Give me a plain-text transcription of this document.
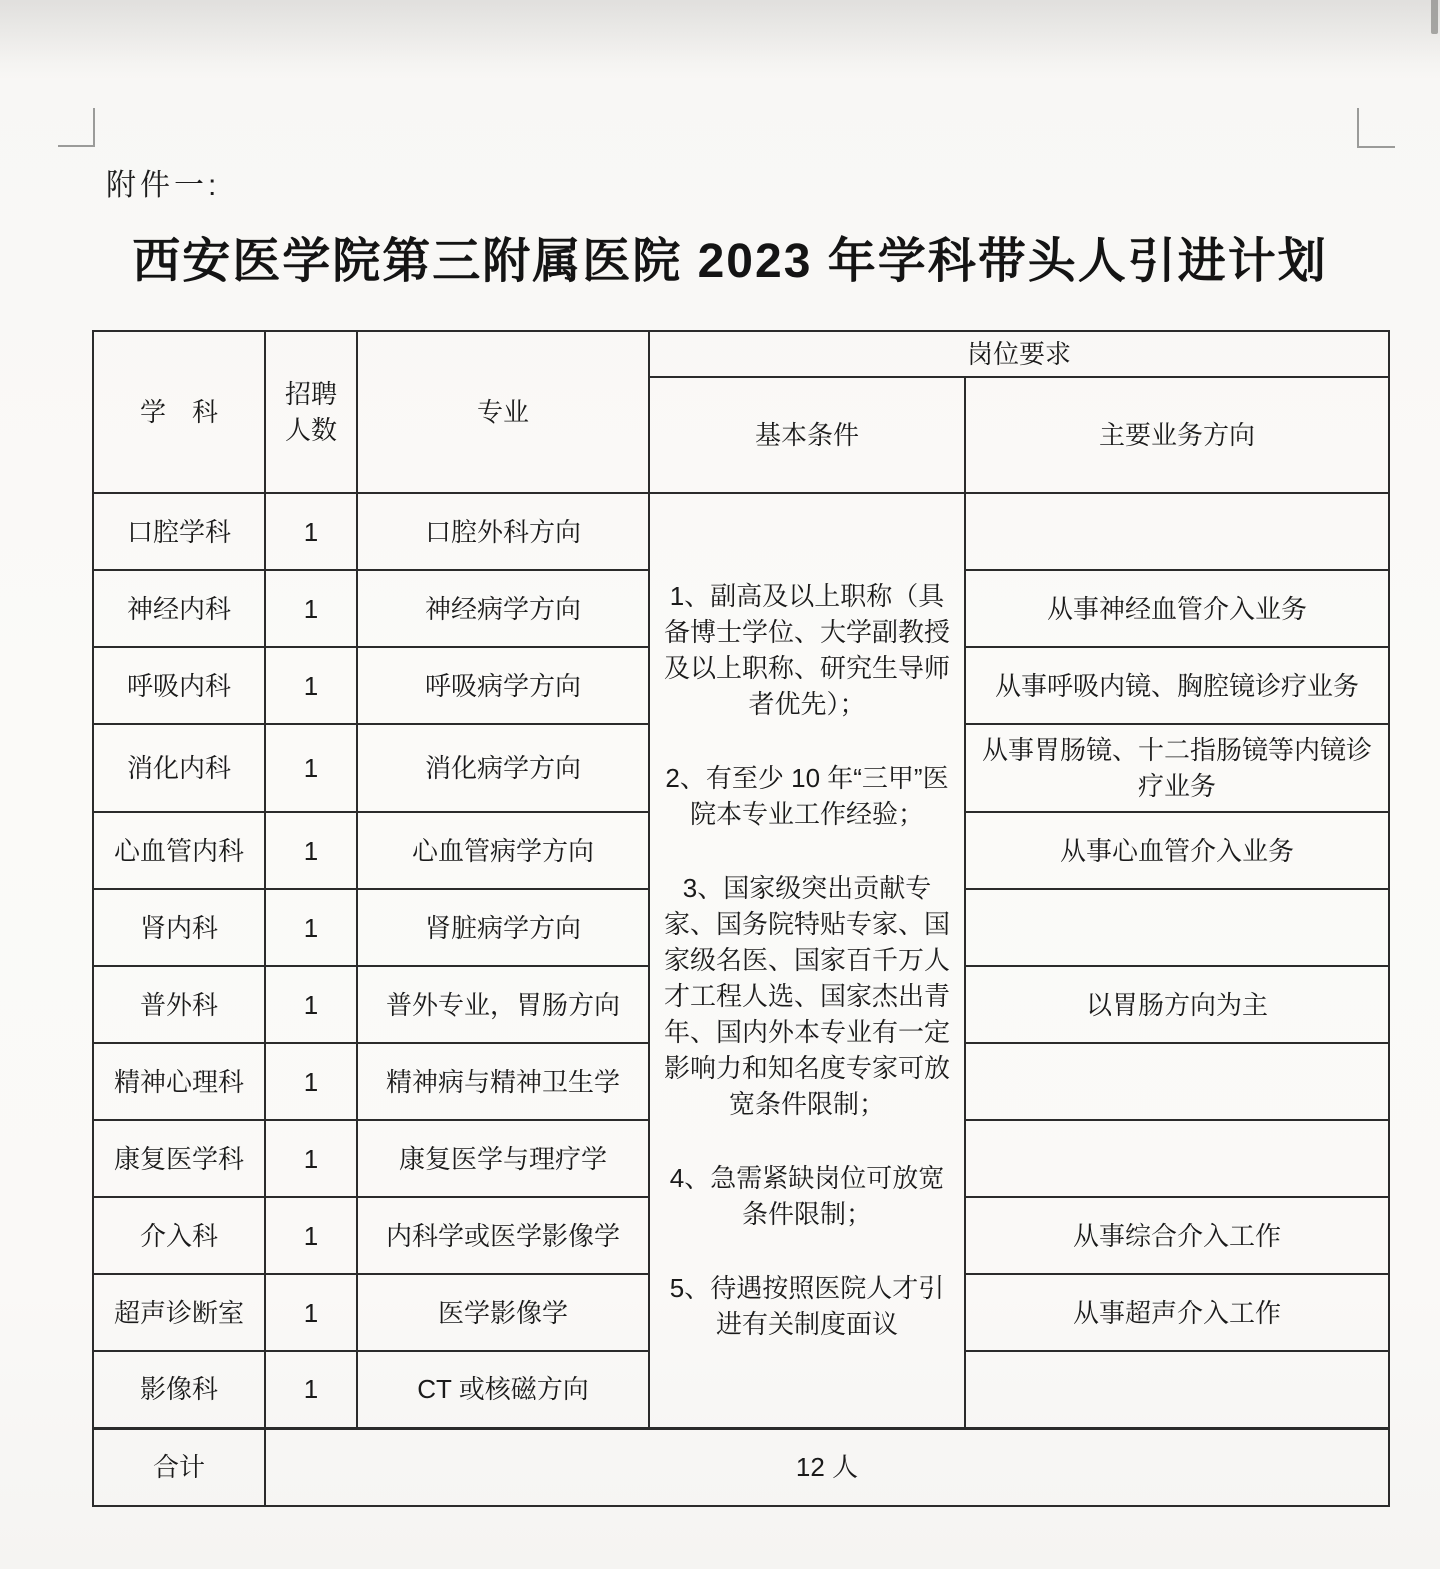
附件一:
西安医学院第三附属医院 2023 年学科带头人引进计划
学　科	招聘人数	专业	岗位要求	
			基本条件	主要业务方向
口腔学科	1	口腔外科方向	1、副高及以上职称（具备博士学位、大学副教授及以上职称、研究生导师者优先）；

2、有至少 10 年“三甲”医院本专业工作经验；

3、国家级突出贡献专家、国务院特贴专家、国家级名医、国家百千万人才工程人选、国家杰出青年、国内外本专业有一定影响力和知名度专家可放宽条件限制；

4、急需紧缺岗位可放宽条件限制；

5、待遇按照医院人才引进有关制度面议	

神经内科	1	神经病学方向		从事神经血管介入业务
呼吸内科	1	呼吸病学方向		从事呼吸内镜、胸腔镜诊疗业务
消化内科	1	消化病学方向		从事胃肠镜、十二指肠镜等内镜诊疗业务
心血管内科	1	心血管病学方向		从事心血管介入业务
肾内科	1	肾脏病学方向		
普外科	1	普外专业，胃肠方向		以胃肠方向为主
精神心理科	1	精神病与精神卫生学		
康复医学科	1	康复医学与理疗学		
介入科	1	内科学或医学影像学		从事综合介入工作
超声诊断室	1	医学影像学		从事超声介入工作
影像科	1	CT 或核磁方向		
合计	12 人			
